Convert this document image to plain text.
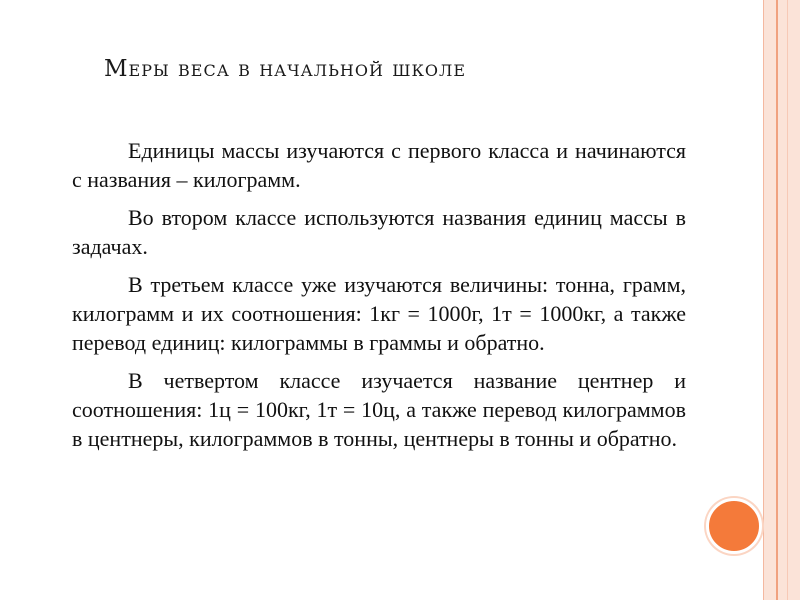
Меры веса в начальной школе

Единицы массы изучаются с первого класса и начинаются с названия – килограмм.

Во втором классе используются названия единиц массы в задачах.

В третьем классе уже изучаются величины: тонна, грамм, килограмм и их соотношения: 1кг = 1000г, 1т = 1000кг, а также перевод единиц: килограммы в граммы и обратно.

В четвертом классе изучается название центнер и соотношения: 1ц = 100кг, 1т = 10ц, а также перевод килограммов в центнеры, килограммов в тонны, центнеры в тонны и обратно.
